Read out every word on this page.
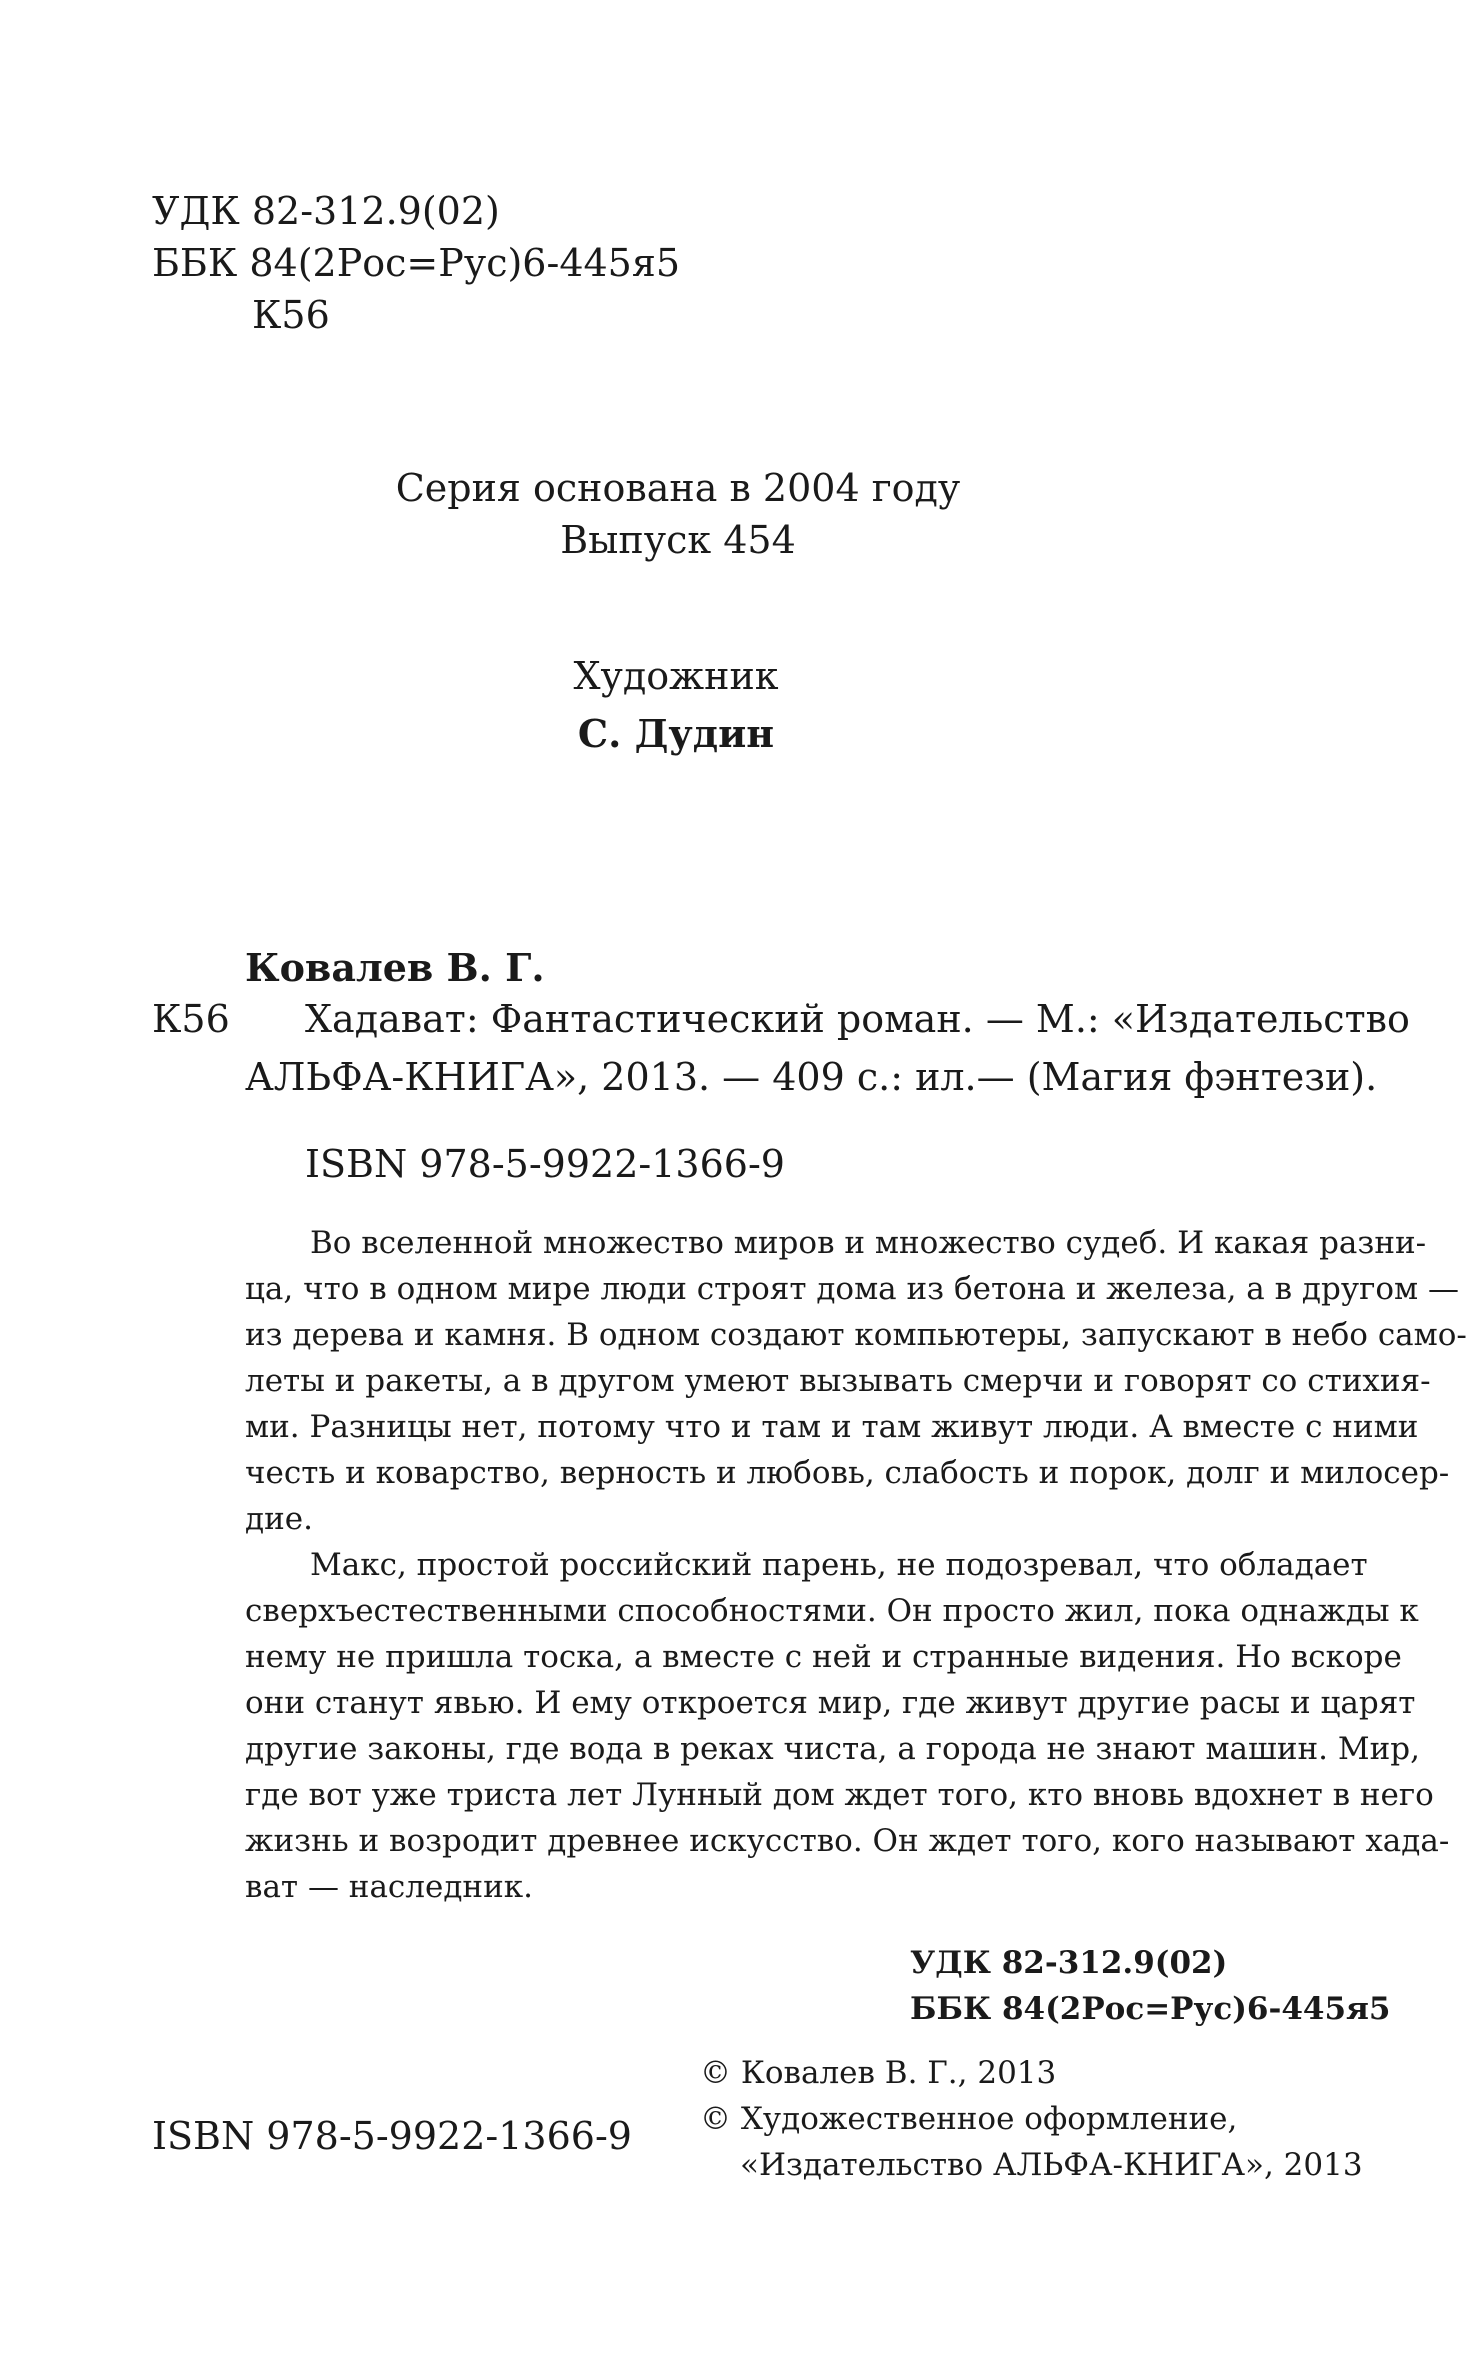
УДК 82-312.9(02)
ББК 84(2Рос=Рус)6-445я5
К56
Серия основана в 2004 году
Выпуск 454
Художник
С. Дудин
Ковалев В. Г.
К56	Хадават: Фантастический роман. — М.: «Издательство
АЛЬФА-КНИГА», 2013. — 409 с.: ил.— (Магия фэнтези).
ISBN 978-5-9922-1366-9

Во вселенной множество миров и множество судеб. И какая разни-
ца, что в одном мире люди строят дома из бетона и железа, а в другом —
из дерева и камня. В одном создают компьютеры, запускают в небо само-
леты и ракеты, а в другом умеют вызывать смерчи и говорят со стихия-
ми. Разницы нет, потому что и там и там живут люди. А вместе с ними
честь и коварство, верность и любовь, слабость и порок, долг и милосер-
дие.

Макс, простой российский парень, не подозревал, что обладает
сверхъестественными способностями. Он просто жил, пока однажды к
нему не пришла тоска, а вместе с ней и странные видения. Но вскоре
они станут явью. И ему откроется мир, где живут другие расы и царят
другие законы, где вода в реках чиста, а города не знают машин. Мир,
где вот уже триста лет Лунный дом ждет того, кто вновь вдохнет в него
жизнь и возродит древнее искусство. Он ждет того, кого называют хада-
ват — наследник.

УДК 82-312.9(02)
ББК 84(2Рос=Рус)6-445я5
© Ковалев В. Г., 2013
© Художественное оформление,
«Издательство АЛЬФА-КНИГА», 2013
ISBN 978-5-9922-1366-9
